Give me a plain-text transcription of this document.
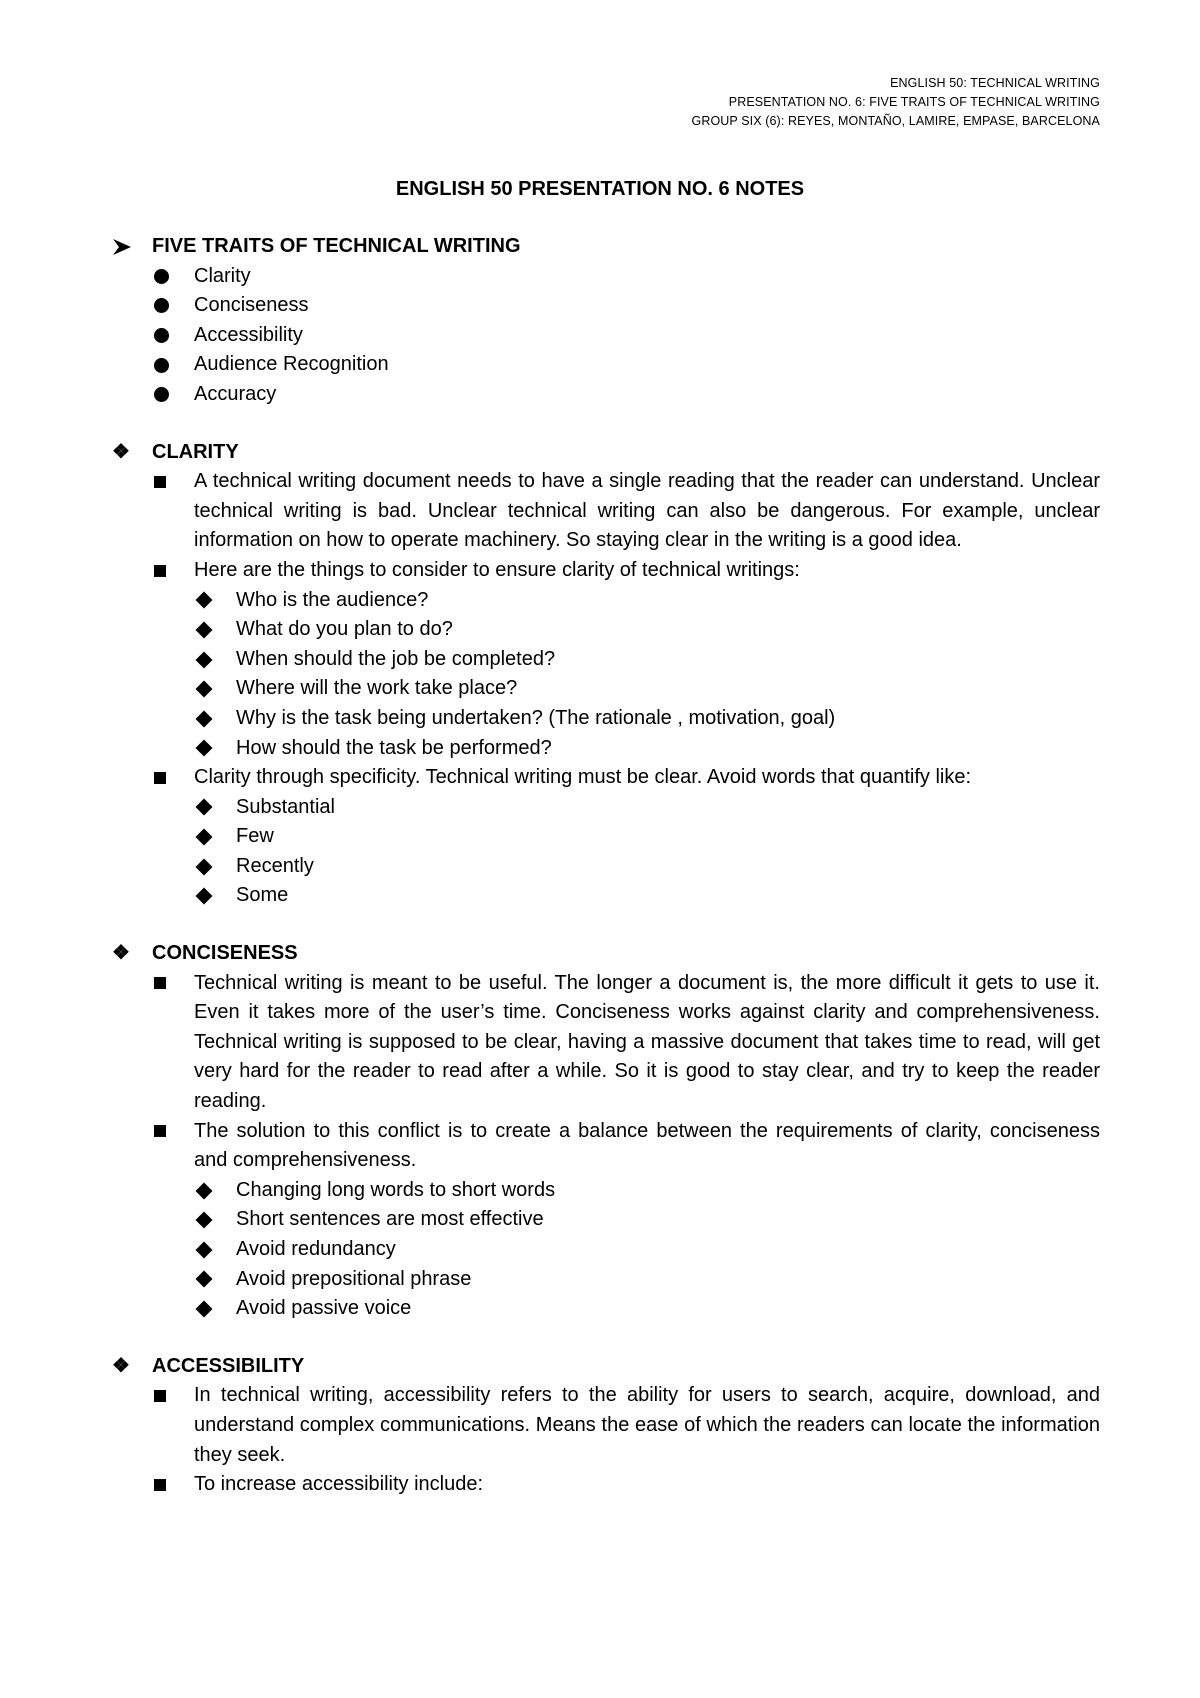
ENGLISH 50: TECHNICAL WRITING
PRESENTATION NO. 6: FIVE TRAITS OF TECHNICAL WRITING
GROUP SIX (6): REYES, MONTAÑO, LAMIRE, EMPASE, BARCELONA
ENGLISH 50 PRESENTATION NO. 6 NOTES
FIVE TRAITS OF TECHNICAL WRITING
Clarity
Conciseness
Accessibility
Audience Recognition
Accuracy
❖ CLARITY
A technical writing document needs to have a single reading that the reader can understand. Unclear technical writing is bad. Unclear technical writing can also be dangerous. For example, unclear information on how to operate machinery. So staying clear in the writing is a good idea.
Here are the things to consider to ensure clarity of technical writings:
Who is the audience?
What do you plan to do?
When should the job be completed?
Where will the work take place?
Why is the task being undertaken? (The rationale , motivation, goal)
How should the task be performed?
Clarity through specificity. Technical writing must be clear. Avoid words that quantify like:
Substantial
Few
Recently
Some
❖ CONCISENESS
Technical writing is meant to be useful. The longer a document is, the more difficult it gets to use it. Even it takes more of the user’s time. Conciseness works against clarity and comprehensiveness. Technical writing is supposed to be clear, having a massive document that takes time to read, will get very hard for the reader to read after a while. So it is good to stay clear, and try to keep the reader reading.
The solution to this conflict is to create a balance between the requirements of clarity, conciseness and comprehensiveness.
Changing long words to short words
Short sentences are most effective
Avoid redundancy
Avoid prepositional phrase
Avoid passive voice
❖ ACCESSIBILITY
In technical writing, accessibility refers to the ability for users to search, acquire, download, and understand complex communications. Means the ease of which the readers can locate the information they seek.
To increase accessibility include:
